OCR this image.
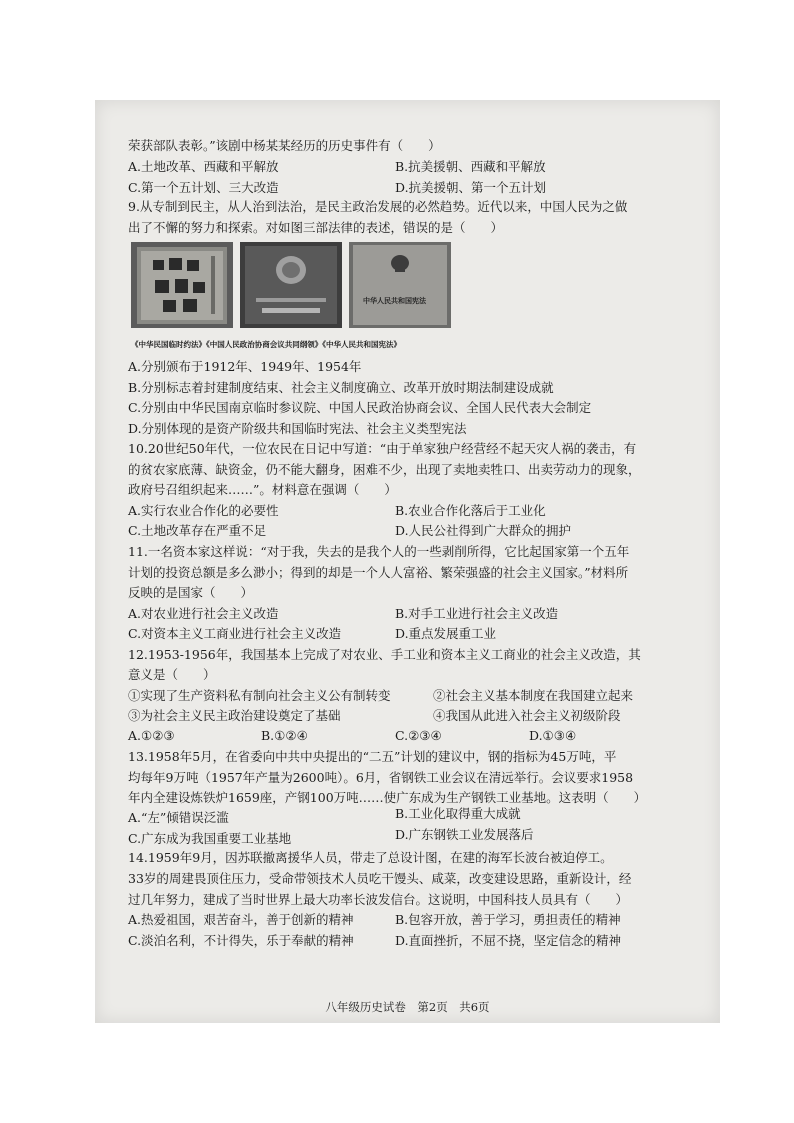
荣获部队表彰。”该剧中杨某某经历的历史事件有（　　）
A.土地改革、西藏和平解放	B.抗美援朝、西藏和平解放
C.第一个五计划、三大改造	D.抗美援朝、第一个五计划
9.从专制到民主，从人治到法治，是民主政治发展的必然趋势。近代以来，中国人民为之做
出了不懈的努力和探索。对如图三部法律的表述，错误的是（　　）
中华人民共和国宪法
《中华民国临时约法》《中国人民政治协商会议共同纲领》《中华人民共和国宪法》
A.分别颁布于1912年、1949年、1954年
B.分别标志着封建制度结束、社会主义制度确立、改革开放时期法制建设成就
C.分别由中华民国南京临时参议院、中国人民政治协商会议、全国人民代表大会制定
D.分别体现的是资产阶级共和国临时宪法、社会主义类型宪法
10.20世纪50年代，一位农民在日记中写道：“由于单家独户经营经不起天灾人祸的袭击，有
的贫农家底薄、缺资金，仍不能大翻身，困难不少，出现了卖地卖牲口、出卖劳动力的现象，
政府号召组织起来……”。材料意在强调（　　）
A.实行农业合作化的必要性	B.农业合作化落后于工业化
C.土地改革存在严重不足	D.人民公社得到广大群众的拥护
11.一名资本家这样说：“对于我，失去的是我个人的一些剥削所得，它比起国家第一个五年
计划的投资总额是多么渺小；得到的却是一个人人富裕、繁荣强盛的社会主义国家。”材料所
反映的是国家（　　）
A.对农业进行社会主义改造	B.对手工业进行社会主义改造
C.对资本主义工商业进行社会主义改造	D.重点发展重工业
12.1953-1956年，我国基本上完成了对农业、手工业和资本主义工商业的社会主义改造，其
意义是（　　）
①实现了生产资料私有制向社会主义公有制转变	②社会主义基本制度在我国建立起来
③为社会主义民主政治建设奠定了基础	④我国从此进入社会主义初级阶段
A.①②③	B.①②④	C.②③④	D.①③④
13.1958年5月，在省委向中共中央提出的“二五”计划的建议中，钢的指标为45万吨，平
均每年9万吨（1957年产量为2600吨）。6月，省钢铁工业会议在清远举行。会议要求1958
年内全建设炼铁炉1659座，产钢100万吨……使广东成为生产钢铁工业基地。这表明（　　）
A.“左”倾错误泛滥	B.工业化取得重大成就
C.广东成为我国重要工业基地	D.广东钢铁工业发展落后
14.1959年9月，因苏联撤离援华人员，带走了总设计图，在建的海军长波台被迫停工。
33岁的周建畏顶住压力，受命带领技术人员吃干馒头、咸菜，改变建设思路，重新设计，经
过几年努力，建成了当时世界上最大功率长波发信台。这说明，中国科技人员具有（　　）
A.热爱祖国，艰苦奋斗，善于创新的精神	B.包容开放，善于学习，勇担责任的精神
C.淡泊名利，不计得失，乐于奉献的精神	D.直面挫折，不屈不挠，坚定信念的精神
八年级历史试卷　第2页　共6页
